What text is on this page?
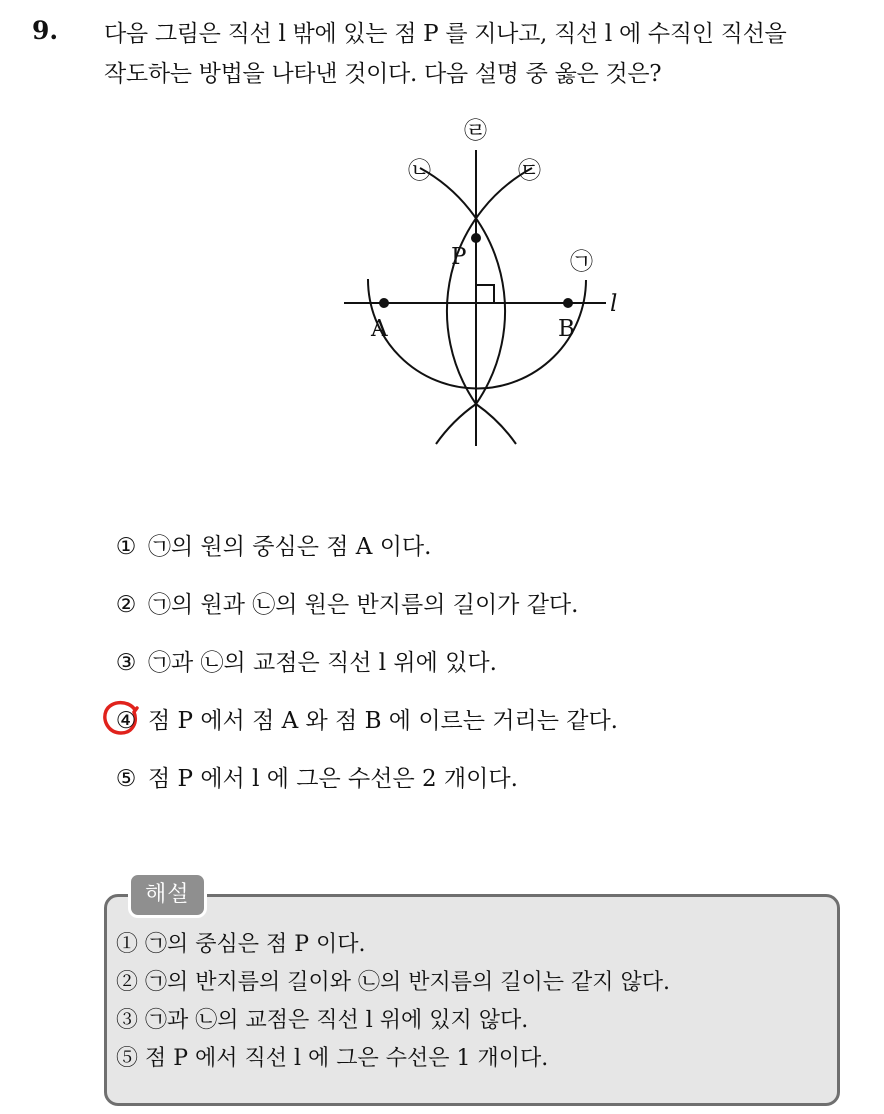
9. 다음 그림은 직선 l 밖에 있는 점 P 를 지나고, 직선 l 에 수직인 직선을
작도하는 방법을 나타낸 것이다. 다음 설명 중 옳은 것은?
㉣
㉡	㉢
㉠
P
A	B
l
① ㉠의 원의 중심은 점 A 이다.
② ㉠의 원과 ㉡의 원은 반지름의 길이가 같다.
③ ㉠과 ㉡의 교점은 직선 l 위에 있다.
④ 점 P 에서 점 A 와 점 B 에 이르는 거리는 같다.
⑤ 점 P 에서 l 에 그은 수선은 2 개이다.
해설
① ㉠의 중심은 점 P 이다.
② ㉠의 반지름의 길이와 ㉡의 반지름의 길이는 같지 않다.
③ ㉠과 ㉡의 교점은 직선 l 위에 있지 않다.
⑤ 점 P 에서 직선 l 에 그은 수선은 1 개이다.
